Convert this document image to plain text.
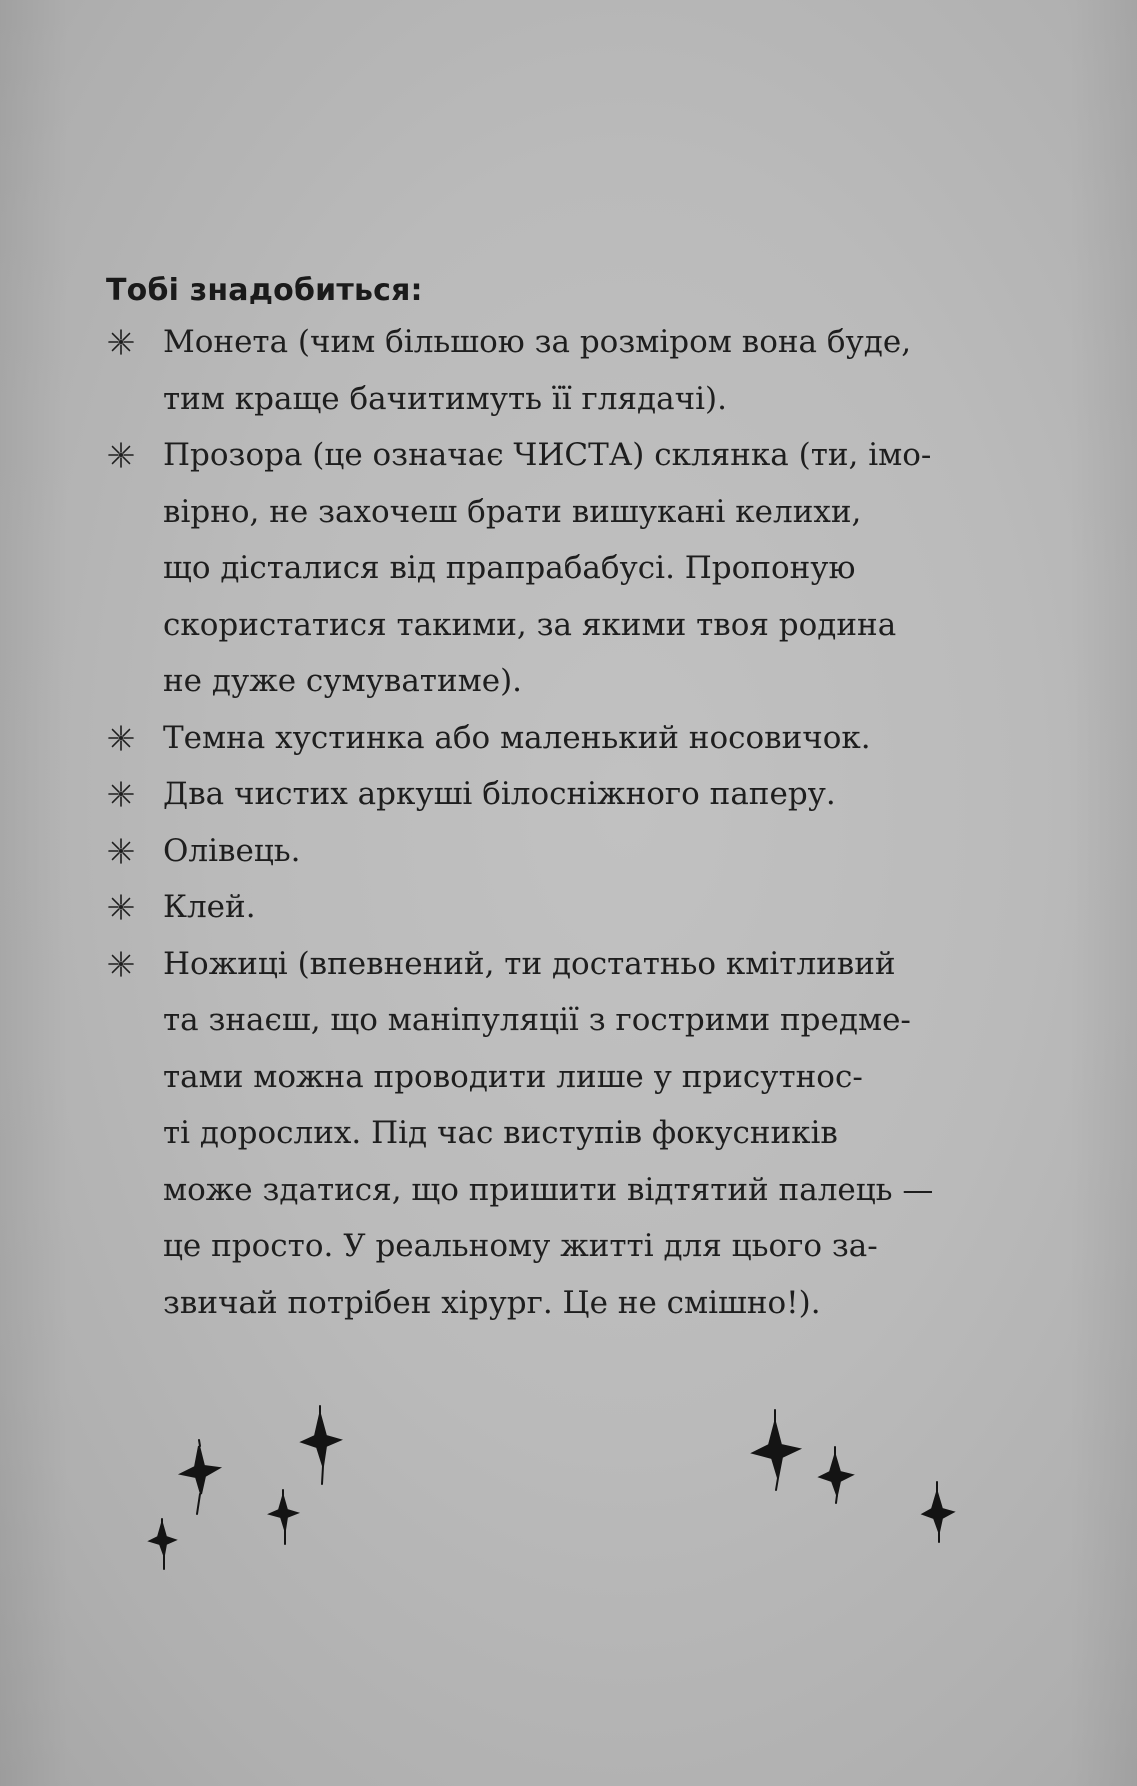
Тобі знадобиться:
Монета (чим більшою за розміром вона буде,
тим краще бачитимуть її глядачі).
Прозора (це означає ЧИСТА) склянка (ти, імо-
вірно, не захочеш брати вишукані келихи,
що дісталися від прапрабабусі. Пропоную
скористатися такими, за якими твоя родина
не дуже сумуватиме).
Темна хустинка або маленький носовичок.
Два чистих аркуші білосніжного паперу.
Олівець.
Клей.
Ножиці (впевнений, ти достатньо кмітливий
та знаєш, що маніпуляції з гострими предме-
тами можна проводити лише у присутнос-
ті дорослих. Під час виступів фокусників
може здатися, що пришити відтятий палець —
це просто. У реальному житті для цього за-
звичай потрібен хірург. Це не смішно!).
